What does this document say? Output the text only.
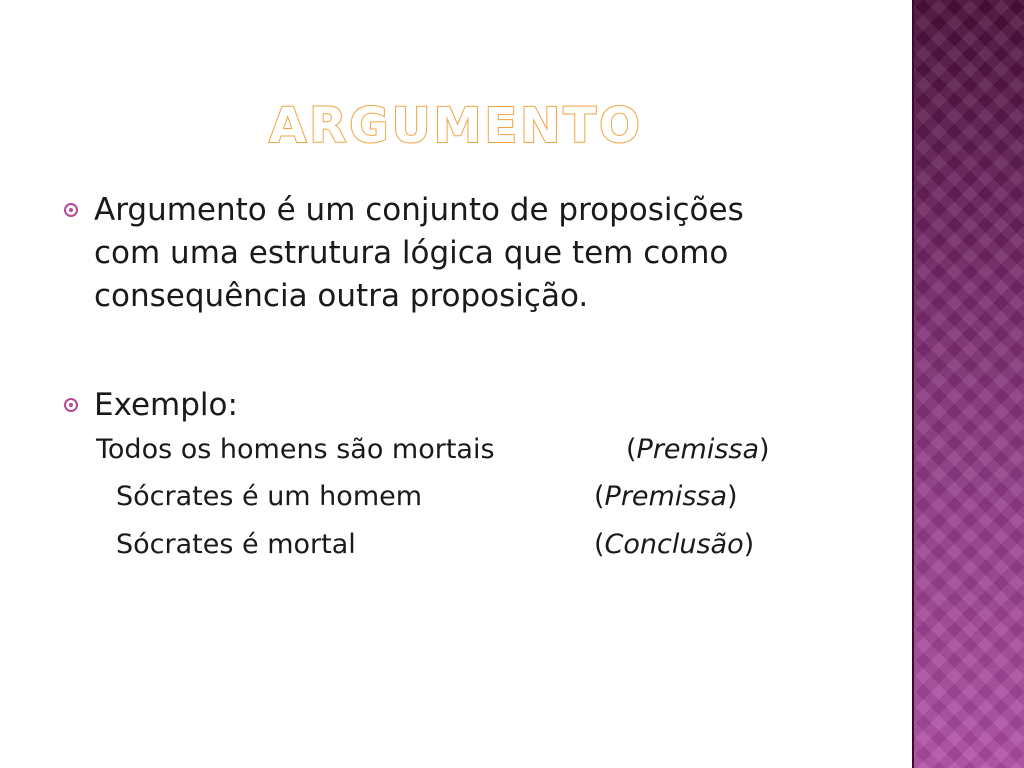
ARGUMENTO
Argumento é um conjunto de proposições
com uma estrutura lógica que tem como
consequência outra proposição.
Exemplo:
Todos os homens são mortais	(Premissa)
Sócrates é um homem	(Premissa)
Sócrates é mortal	(Conclusão)
